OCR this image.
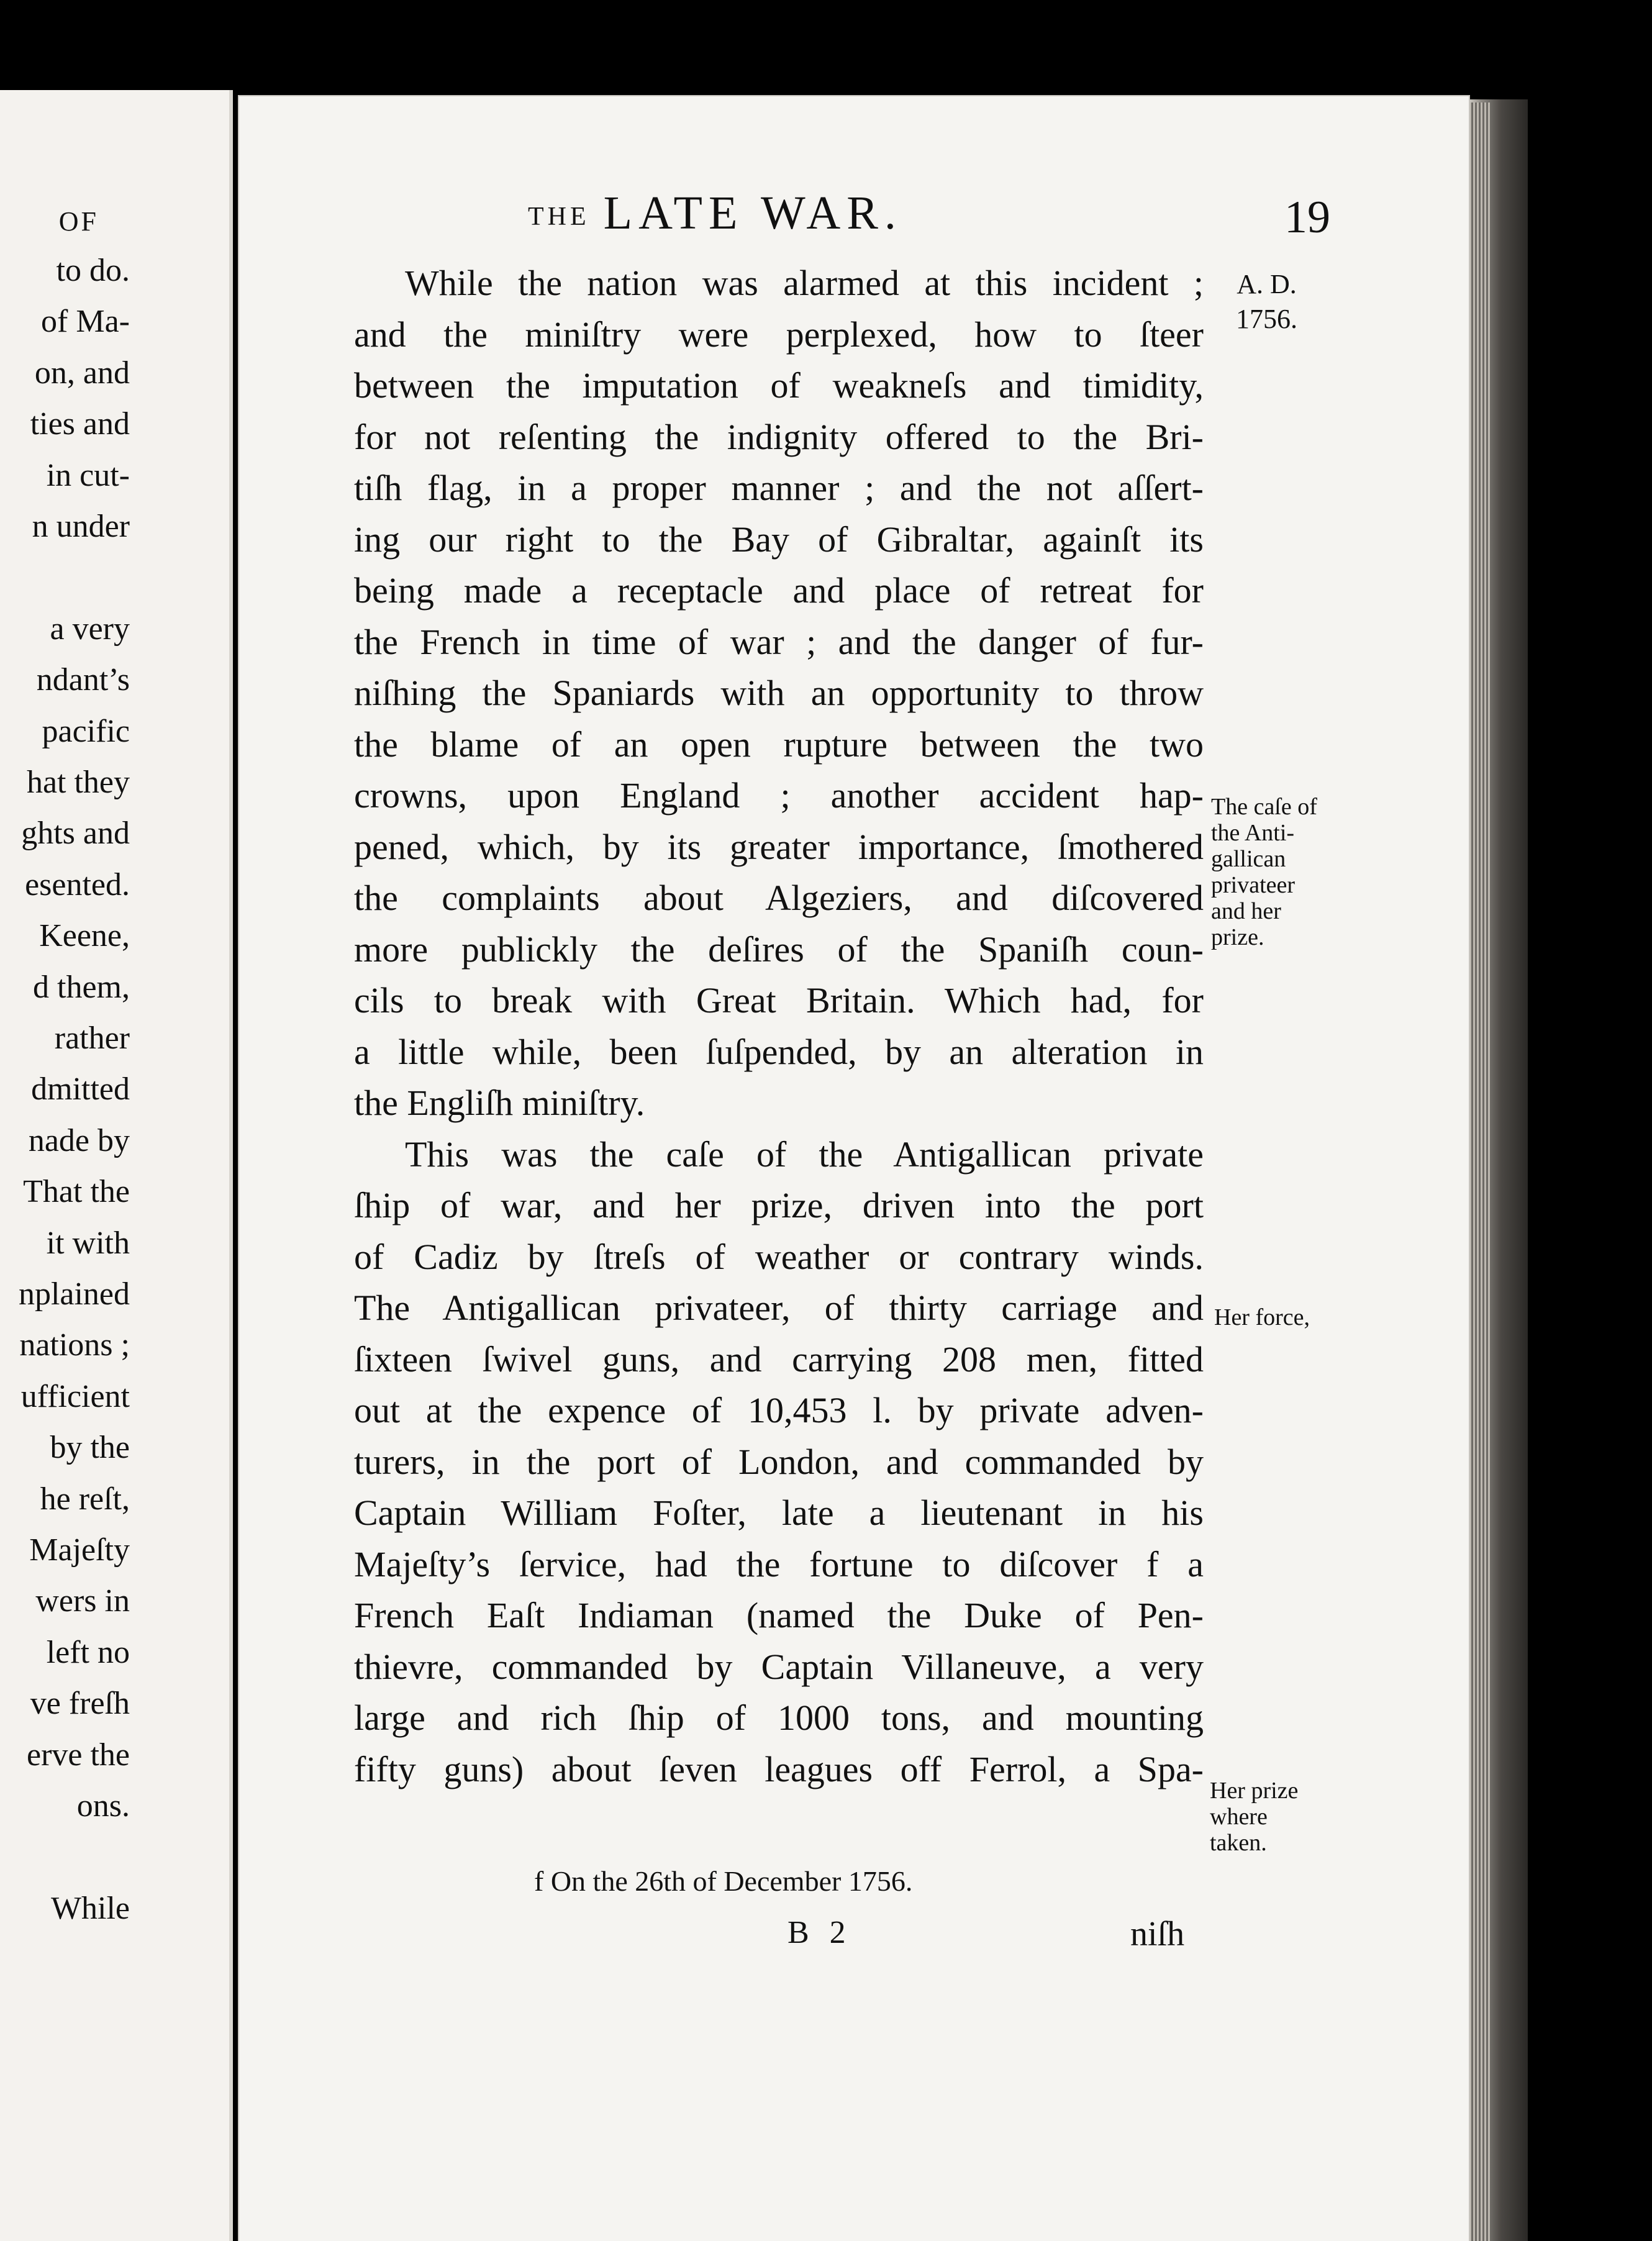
OF
to do.
of Ma-
on, and
ties and
in cut-
n under
a very
ndant’s
pacific
hat they
ghts and
esented.
Keene,
d them,
rather
dmitted
nade by
That the
it with
nplained
nations ;
ufficient
by the
he reſt,
Majeſty
wers in
left no
ve freſh
erve the
ons.
While
THE LATE WAR.	19
A. D.
1756.
The caſe of
the Anti-
gallican
privateer
and her
prize.
Her force,
Her prize
where
taken.
While the nation was alarmed at this incident ;
and the miniſtry were perplexed, how to ſteer
between the imputation of weakneſs and timidity,
for not reſenting the indignity offered to the Bri-
tiſh flag, in a proper manner ; and the not aſſert-
ing our right to the Bay of Gibraltar, againſt its
being made a receptacle and place of retreat for
the French in time of war ; and the danger of fur-
niſhing the Spaniards with an opportunity to throw
the blame of an open rupture between the two
crowns, upon England ; another accident hap-
pened, which, by its greater importance, ſmothered
the complaints about Algeziers, and diſcovered
more publickly the deſires of the Spaniſh coun-
cils to break with Great Britain. Which had, for
a little while, been ſuſpended, by an alteration in
the Engliſh miniſtry.
This was the caſe of the Antigallican private
ſhip of war, and her prize, driven into the port
of Cadiz by ſtreſs of weather or contrary winds.
The Antigallican privateer, of thirty carriage and
ſixteen ſwivel guns, and carrying 208 men, fitted
out at the expence of 10,453 l. by private adven-
turers, in the port of London, and commanded by
Captain William Foſter, late a lieutenant in his
Majeſty’s ſervice, had the fortune to diſcover f a
French Eaſt Indiaman (named the Duke of Pen-
thievre, commanded by Captain Villaneuve, a very
large and rich ſhip of 1000 tons, and mounting
fifty guns) about ſeven leagues off Ferrol, a Spa-
f On the 26th of December 1756.
B 2	niſh
